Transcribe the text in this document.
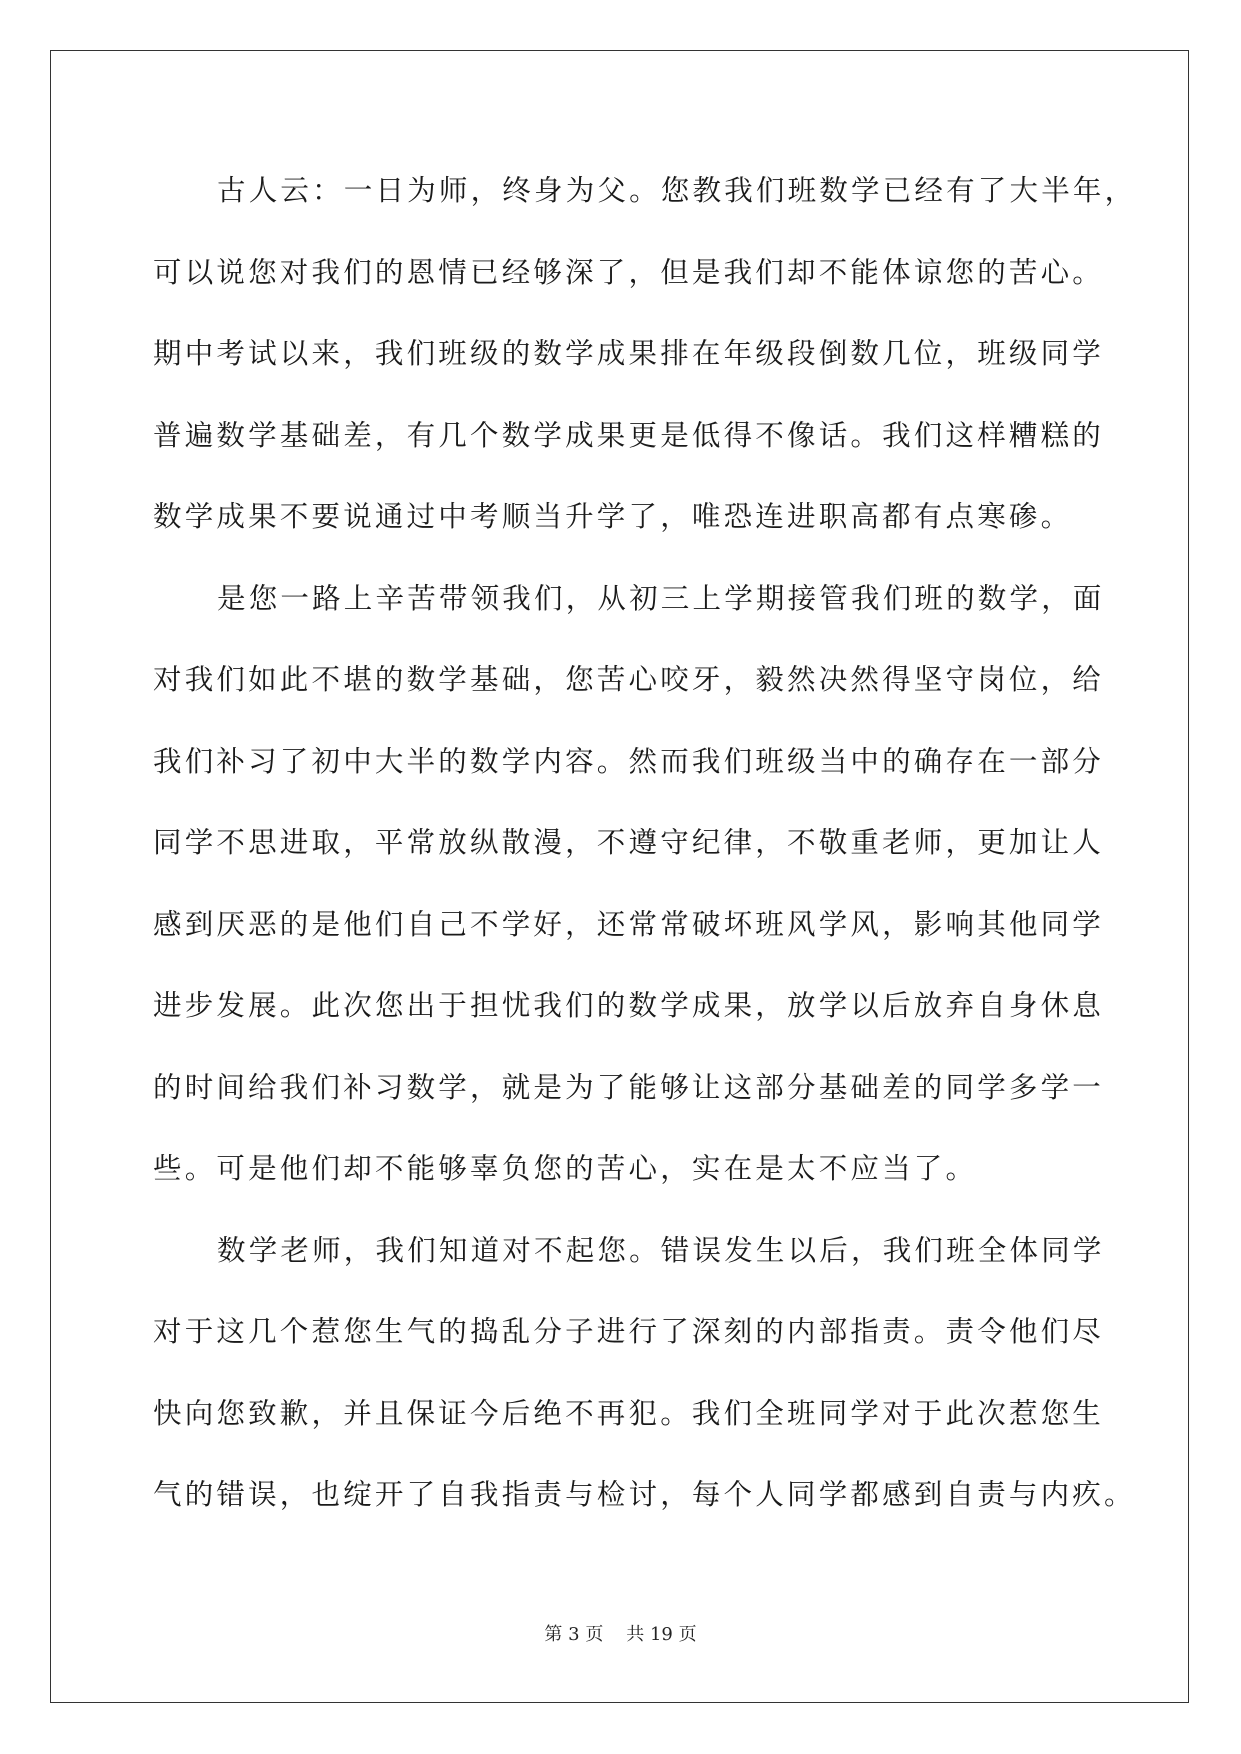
古人云：一日为师，终身为父。您教我们班数学已经有了大半年，
可以说您对我们的恩情已经够深了，但是我们却不能体谅您的苦心。
期中考试以来，我们班级的数学成果排在年级段倒数几位，班级同学
普遍数学基础差，有几个数学成果更是低得不像话。我们这样糟糕的
数学成果不要说通过中考顺当升学了，唯恐连进职高都有点寒碜。
是您一路上辛苦带领我们，从初三上学期接管我们班的数学，面
对我们如此不堪的数学基础，您苦心咬牙，毅然决然得坚守岗位，给
我们补习了初中大半的数学内容。然而我们班级当中的确存在一部分
同学不思进取，平常放纵散漫，不遵守纪律，不敬重老师，更加让人
感到厌恶的是他们自己不学好，还常常破坏班风学风，影响其他同学
进步发展。此次您出于担忧我们的数学成果，放学以后放弃自身休息
的时间给我们补习数学，就是为了能够让这部分基础差的同学多学一
些。可是他们却不能够辜负您的苦心，实在是太不应当了。
数学老师，我们知道对不起您。错误发生以后，我们班全体同学
对于这几个惹您生气的捣乱分子进行了深刻的内部指责。责令他们尽
快向您致歉，并且保证今后绝不再犯。我们全班同学对于此次惹您生
气的错误，也绽开了自我指责与检讨，每个人同学都感到自责与内疚。
第 3 页 共 19 页
